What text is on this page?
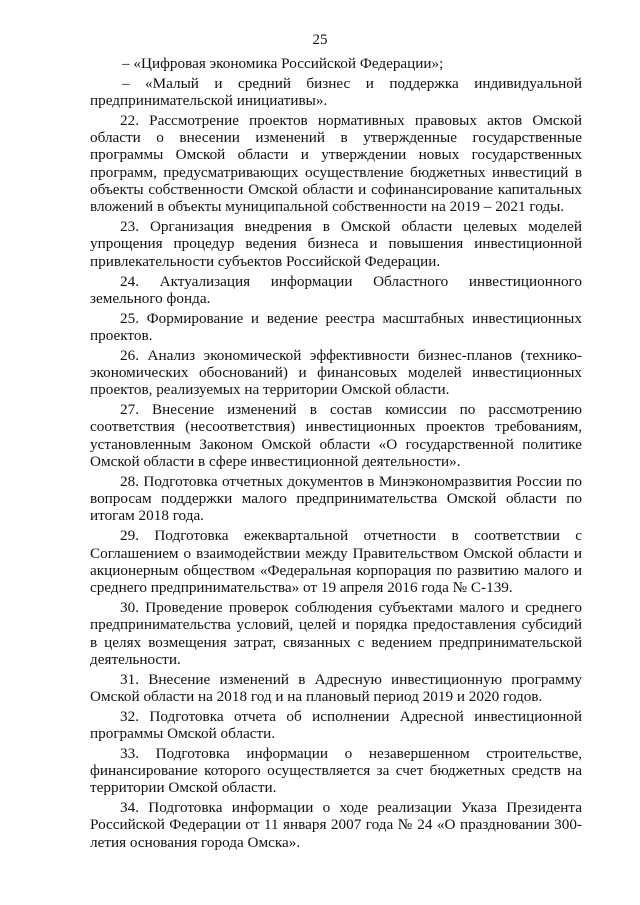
25

– «Цифровая экономика Российской Федерации»;

– «Малый и средний бизнес и поддержка индивидуальной предпринимательской инициативы».

22. Рассмотрение проектов нормативных правовых актов Омской области о внесении изменений в утвержденные государственные программы Омской области и утверждении новых государственных программ, предусматривающих осуществление бюджетных инвестиций в объекты собственности Омской области и софинансирование капитальных вложений в объекты муниципальной собственности на 2019 – 2021 годы.

23. Организация внедрения в Омской области целевых моделей упрощения процедур ведения бизнеса и повышения инвестиционной привлекательности субъектов Российской Федерации.

24. Актуализация информации Областного инвестиционного земельного фонда.

25. Формирование и ведение реестра масштабных инвестиционных проектов.

26. Анализ экономической эффективности бизнес-планов (технико-экономических обоснований) и финансовых моделей инвестиционных проектов, реализуемых на территории Омской области.

27. Внесение изменений в состав комиссии по рассмотрению соответствия (несоответствия) инвестиционных проектов требованиям, установленным Законом Омской области «О государственной политике Омской области в сфере инвестиционной деятельности».

28. Подготовка отчетных документов в Минэкономразвития России по вопросам поддержки малого предпринимательства Омской области по итогам 2018 года.

29. Подготовка ежеквартальной отчетности в соответствии с Соглашением о взаимодействии между Правительством Омской области и акционерным обществом «Федеральная корпорация по развитию малого и среднего предпринимательства» от 19 апреля 2016 года № С-139.

30. Проведение проверок соблюдения субъектами малого и среднего предпринимательства условий, целей и порядка предоставления субсидий в целях возмещения затрат, связанных с ведением предпринимательской деятельности.

31. Внесение изменений в Адресную инвестиционную программу Омской области на 2018 год и на плановый период 2019 и 2020 годов.

32. Подготовка отчета об исполнении Адресной инвестиционной программы Омской области.

33. Подготовка информации о незавершенном строительстве, финансирование которого осуществляется за счет бюджетных средств на территории Омской области.

34. Подготовка информации о ходе реализации Указа Президента Российской Федерации от 11 января 2007 года № 24 «О праздновании 300-летия основания города Омска».
